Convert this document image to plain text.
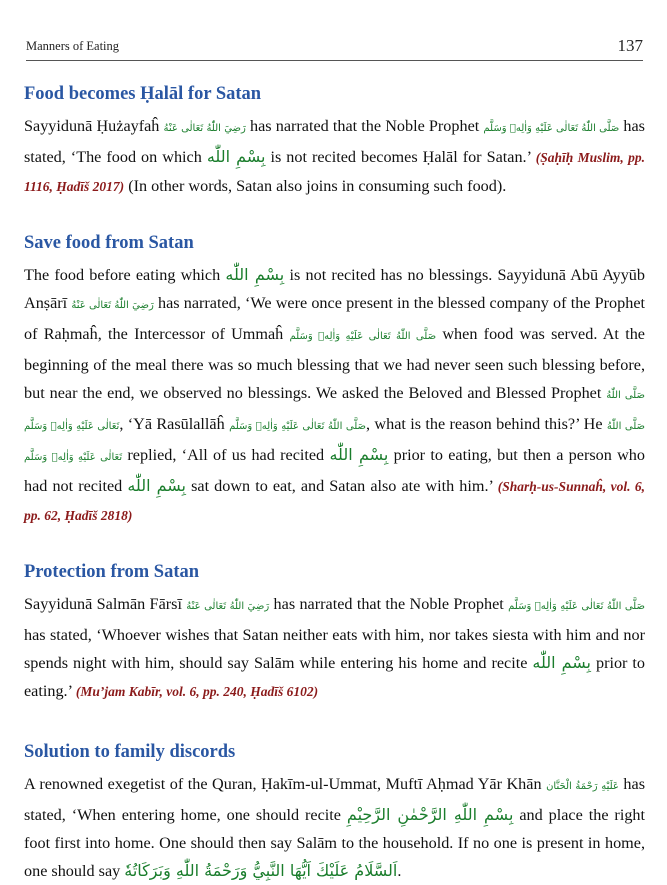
Manners of Eating	137
Food becomes Ḥalāl for Satan

Sayyidunā Ḥużayfaĥ رَضِيَ اللّٰهُ تَعَالٰى عَنْهُ has narrated that the Noble Prophet صَلَّى اللّٰهُ تَعَالٰى عَلَيْهِ وَاٰلِهٖ وَسَلَّم has stated, ‘The food on which بِسْمِ اللّٰه is not recited becomes Ḥalāl for Satan.’ (Ṣaḥīḥ Muslim, pp. 1116, Ḥadīš 2017) (In other words, Satan also joins in consuming such food).

Save food from Satan

The food before eating which بِسْمِ اللّٰه is not recited has no blessings. Sayyidunā Abū Ayyūb Anṣārī رَضِيَ اللّٰهُ تَعَالٰى عَنْهُ has narrated, ‘We were once present in the blessed company of the Prophet of Raḥmaĥ, the Intercessor of Ummaĥ صَلَّى اللّٰهُ تَعَالٰى عَلَيْهِ وَاٰلِهٖ وَسَلَّم when food was served. At the beginning of the meal there was so much blessing that we had never seen such blessing before, but near the end, we observed no blessings. We asked the Beloved and Blessed Prophet صَلَّى اللّٰهُ تَعَالٰى عَلَيْهِ وَاٰلِهٖ وَسَلَّم, ‘Yā Rasūlallāĥ صَلَّى اللّٰهُ تَعَالٰى عَلَيْهِ وَاٰلِهٖ وَسَلَّم, what is the reason behind this?’ He صَلَّى اللّٰهُ تَعَالٰى عَلَيْهِ وَاٰلِهٖ وَسَلَّم replied, ‘All of us had recited بِسْمِ اللّٰه prior to eating, but then a person who had not recited بِسْمِ اللّٰه sat down to eat, and Satan also ate with him.’ (Sharḥ-us-Sunnaĥ, vol. 6, pp. 62, Ḥadīš 2818)

Protection from Satan

Sayyidunā Salmān Fārsī رَضِيَ اللّٰهُ تَعَالٰى عَنْهُ has narrated that the Noble Prophet صَلَّى اللّٰهُ تَعَالٰى عَلَيْهِ وَاٰلِهٖ وَسَلَّم has stated, ‘Whoever wishes that Satan neither eats with him, nor takes siesta with him and nor spends night with him, should say Salām while entering his home and recite بِسْمِ اللّٰه prior to eating.’ (Mu’jam Kabīr, vol. 6, pp. 240, Ḥadīš 6102)

Solution to family discords

A renowned exegetist of the Quran, Ḥakīm-ul-Ummat, Muftī Aḥmad Yār Khān عَلَيْهِ رَحْمَةُ الْحَنَّان has stated, ‘When entering home, one should recite بِسْمِ اللّٰهِ الرَّحْمٰنِ الرَّحِيْمِ and place the right foot first into home. One should then say Salām to the household. If no one is present in home, one should say اَلسَّلَامُ عَلَيْكَ اَيُّهَا النَّبِيُّ وَرَحْمَةُ اللّٰهِ وَبَرَكَاتُهٗ.
